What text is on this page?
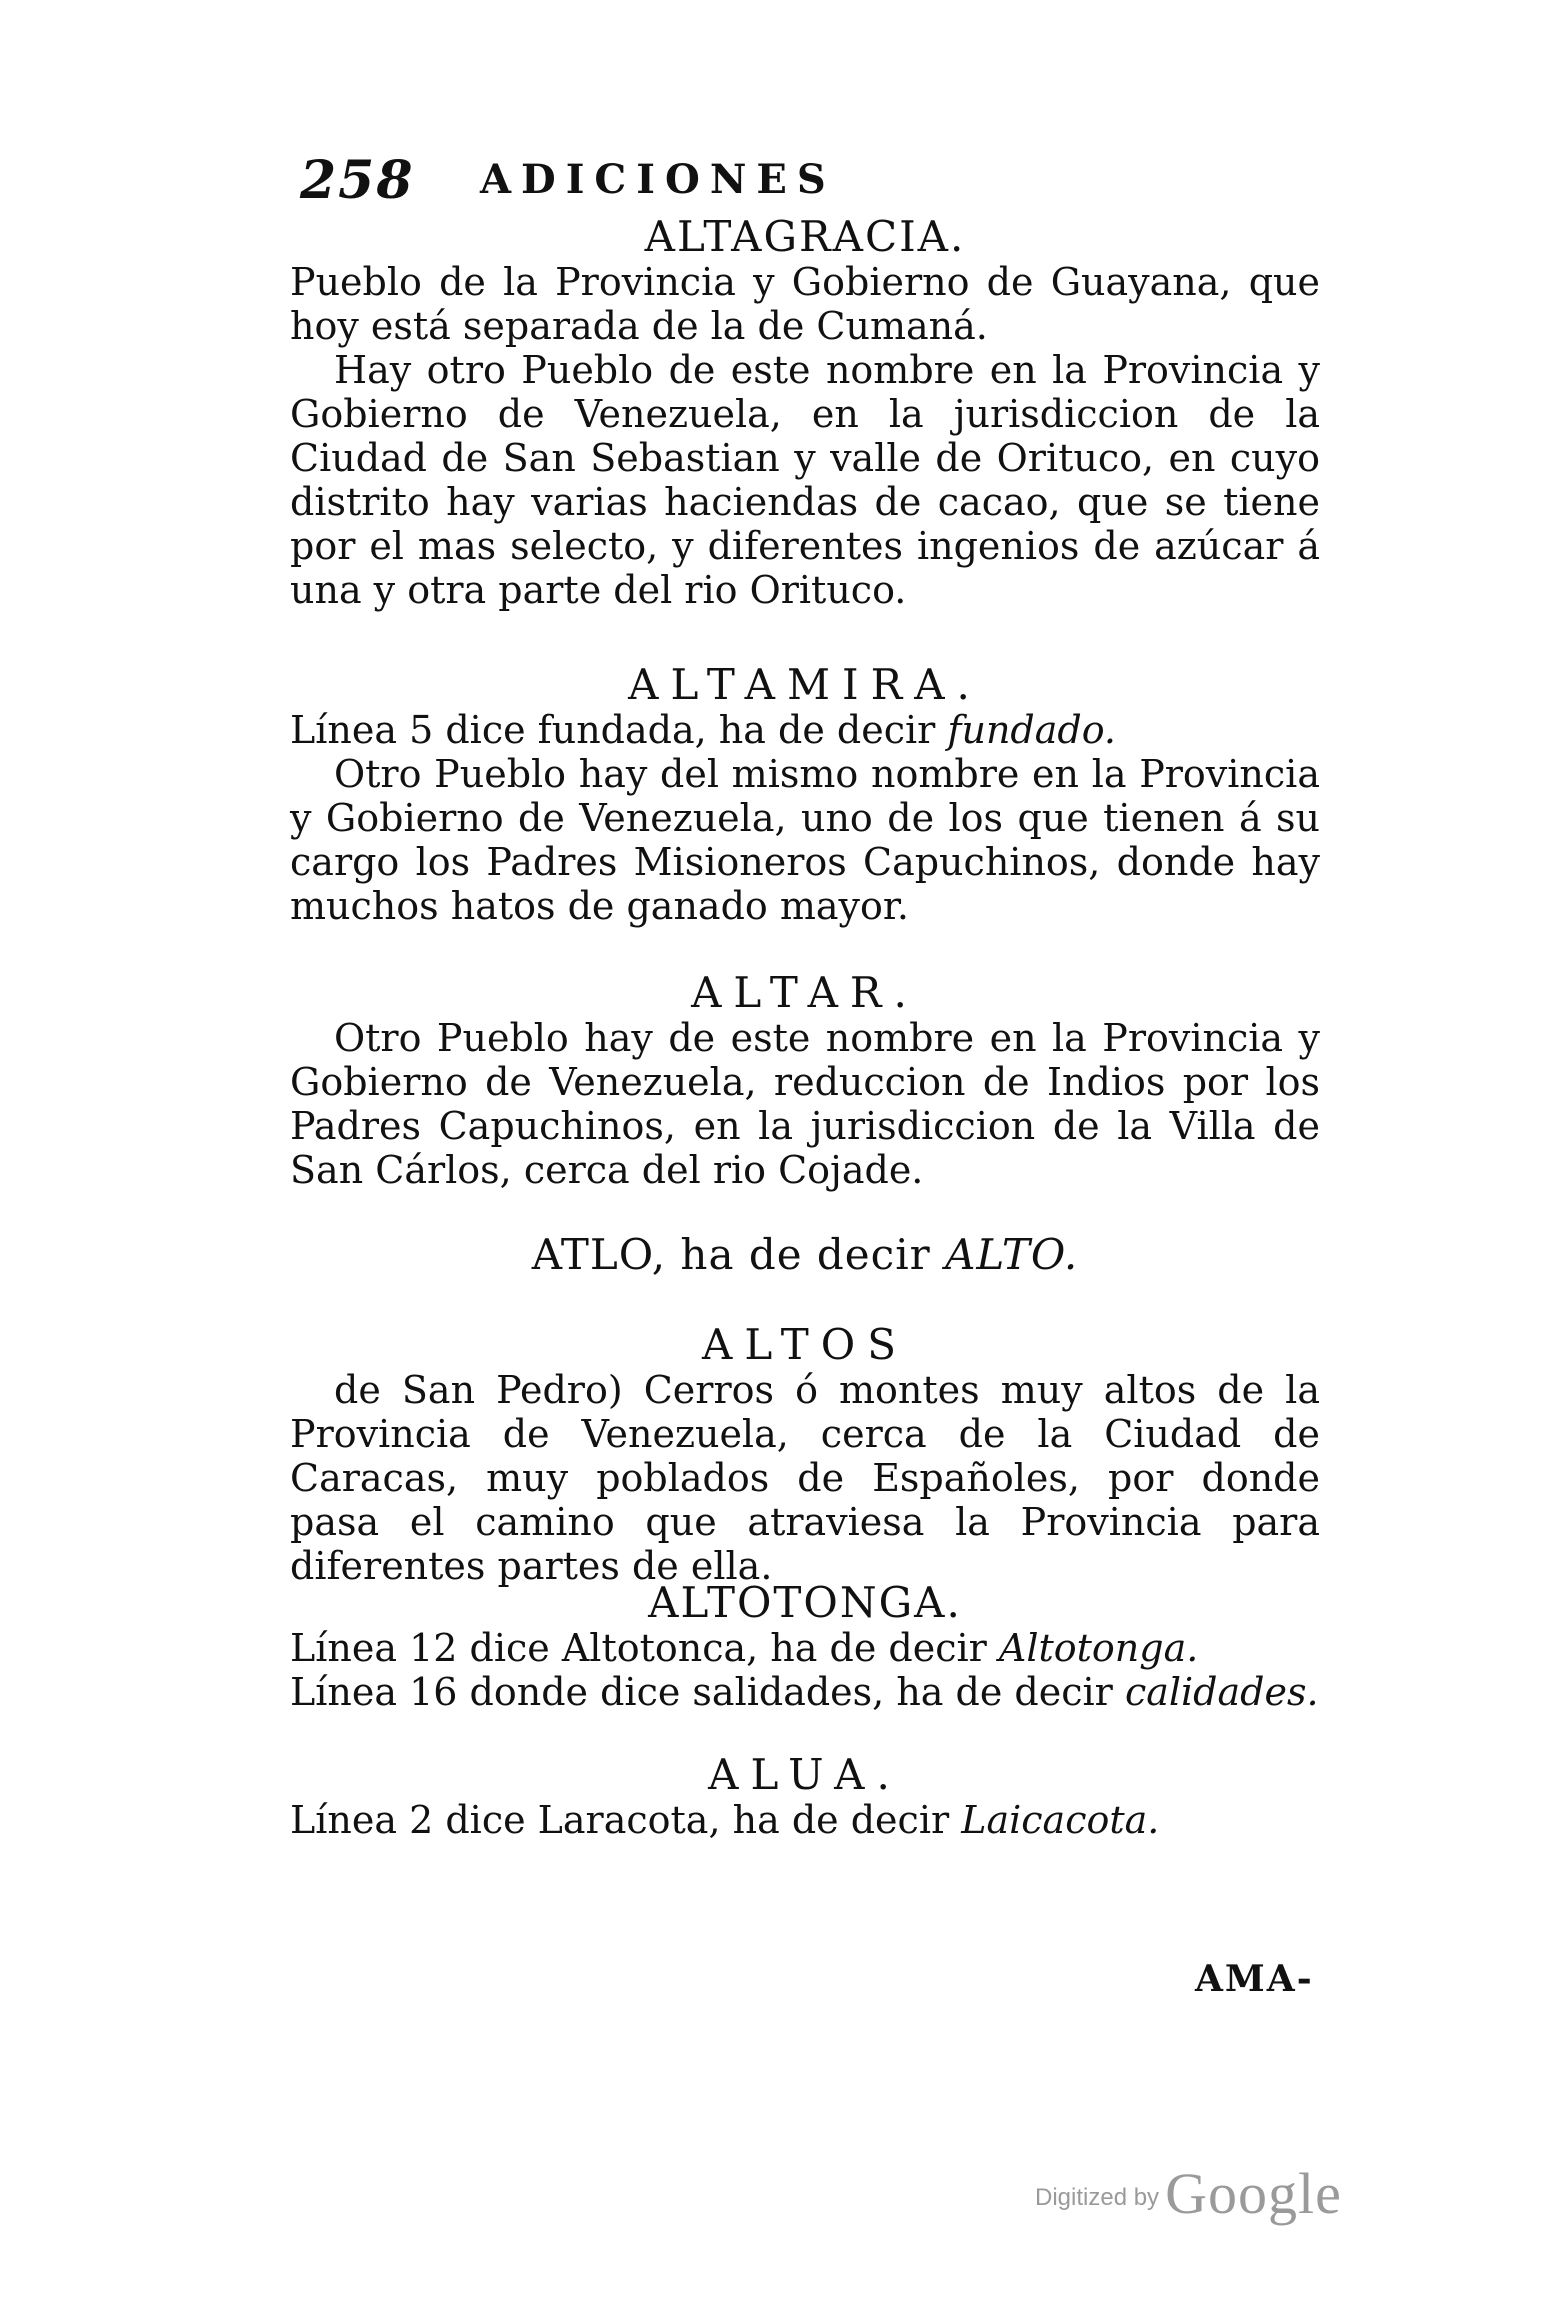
258 ADICIONES
ALTAGRACIA.

Pueblo de la Provincia y Gobierno de Guayana, que hoy está separada de la de Cumaná.

Hay otro Pueblo de este nombre en la Provincia y Gobierno de Venezuela, en la jurisdiccion de la Ciudad de San Sebastian y valle de Orituco, en cuyo distrito hay varias haciendas de cacao, que se tiene por el mas selecto, y diferentes ingenios de azúcar á una y otra parte del rio Orituco.

ALTAMIRA.

Línea 5 dice fundada, ha de decir fundado.

Otro Pueblo hay del mismo nombre en la Provincia y Gobierno de Venezuela, uno de los que tienen á su cargo los Padres Misioneros Capuchinos, donde hay muchos hatos de ganado mayor.

ALTAR.

Otro Pueblo hay de este nombre en la Provincia y Gobierno de Venezuela, reduccion de Indios por los Padres Capuchinos, en la jurisdiccion de la Villa de San Cárlos, cerca del rio Cojade.

ATLO, ha de decir ALTO.
ALTOS

de San Pedro) Cerros ó montes muy altos de la Provincia de Venezuela, cerca de la Ciudad de Caracas, muy poblados de Españoles, por donde pasa el camino que atraviesa la Provincia para diferentes partes de ella.

ALTOTONGA.

Línea 12 dice Altotonca, ha de decir Altotonga.

Línea 16 donde dice salidades, ha de decir calidades.

ALUA.

Línea 2 dice Laracota, ha de decir Laicacota.

AMA-
Digitized by Google
